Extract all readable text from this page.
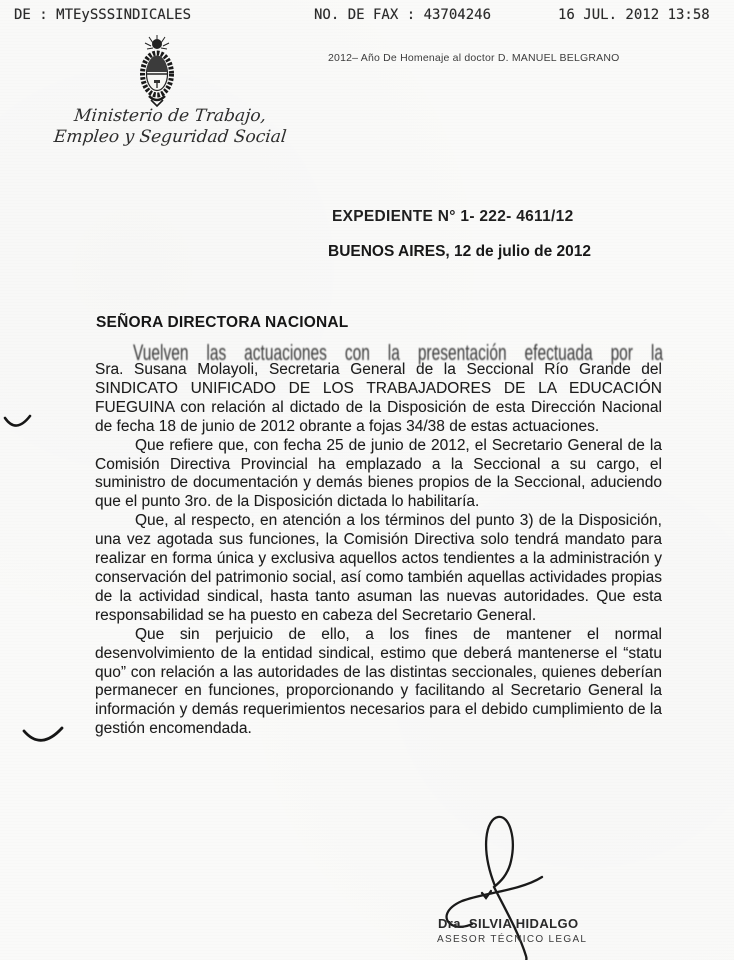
DE : MTEySSSINDICALES	NO. DE FAX : 43704246	16 JUL. 2012 13:58
2012– Año De Homenaje al doctor D. MANUEL BELGRANO
Ministerio de Trabajo,
Empleo y Seguridad Social
EXPEDIENTE N° 1- 222- 4611/12
BUENOS AIRES, 12 de julio de 2012
SEÑORA DIRECTORA NACIONAL
Vuelven las actuaciones con la presentación efectuada por la

Sra. Susana Molayoli, Secretaria General de la Seccional Río Grande del SINDICATO UNIFICADO DE LOS TRABAJADORES DE LA EDUCACIÓN FUEGUINA con relación al dictado de la Disposición de esta Dirección Nacional de fecha 18 de junio de 2012 obrante a fojas 34/38 de estas actuaciones.

Que refiere que, con fecha 25 de junio de 2012, el Secretario General de la Comisión Directiva Provincial ha emplazado a la Seccional a su cargo, el suministro de documentación y demás bienes propios de la Seccional, aduciendo que el punto 3ro. de la Disposición dictada lo habilitaría.

Que, al respecto, en atención a los términos del punto 3) de la Disposición, una vez agotada sus funciones, la Comisión Directiva solo tendrá mandato para realizar en forma única y exclusiva aquellos actos tendientes a la administración y conservación del patrimonio social, así como también aquellas actividades propias de la actividad sindical, hasta tanto asuman las nuevas autoridades. Que esta responsabilidad se ha puesto en cabeza del Secretario General.

Que sin perjuicio de ello, a los fines de mantener el normal desenvolvimiento de la entidad sindical, estimo que deberá mantenerse el “statu quo” con relación a las autoridades de las distintas seccionales, quienes deberían permanecer en funciones, proporcionando y facilitando al Secretario General la información y demás requerimientos necesarios para el debido cumplimiento de la gestión encomendada.

Dra. SILVIA HIDALGO
ASESOR TÉCNICO LEGAL
